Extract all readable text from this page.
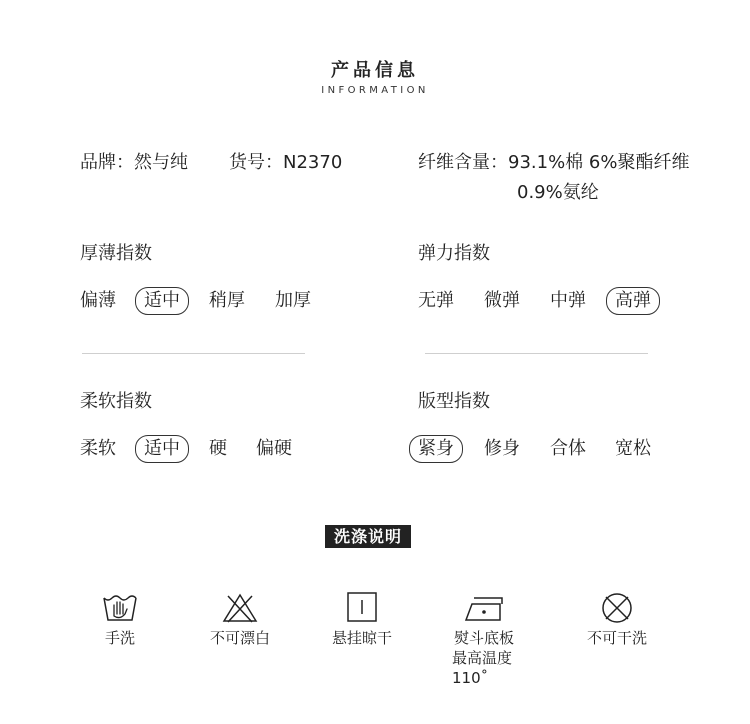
产品信息
INFORMATION
品牌：然与纯 货号：N2370	纤维含量：93.1%棉 6%聚酯纤维
0.9%氨纶
厚薄指数
偏薄	适中	稍厚 加厚
弹力指数
无弹 微弹 中弹	高弹
柔软指数
柔软	适中	硬 偏硬
版型指数
紧身	修身 合体 宽松
洗涤说明
手洗	不可漂白	悬挂晾干	熨斗底板
最高温度110˚
不可干洗
